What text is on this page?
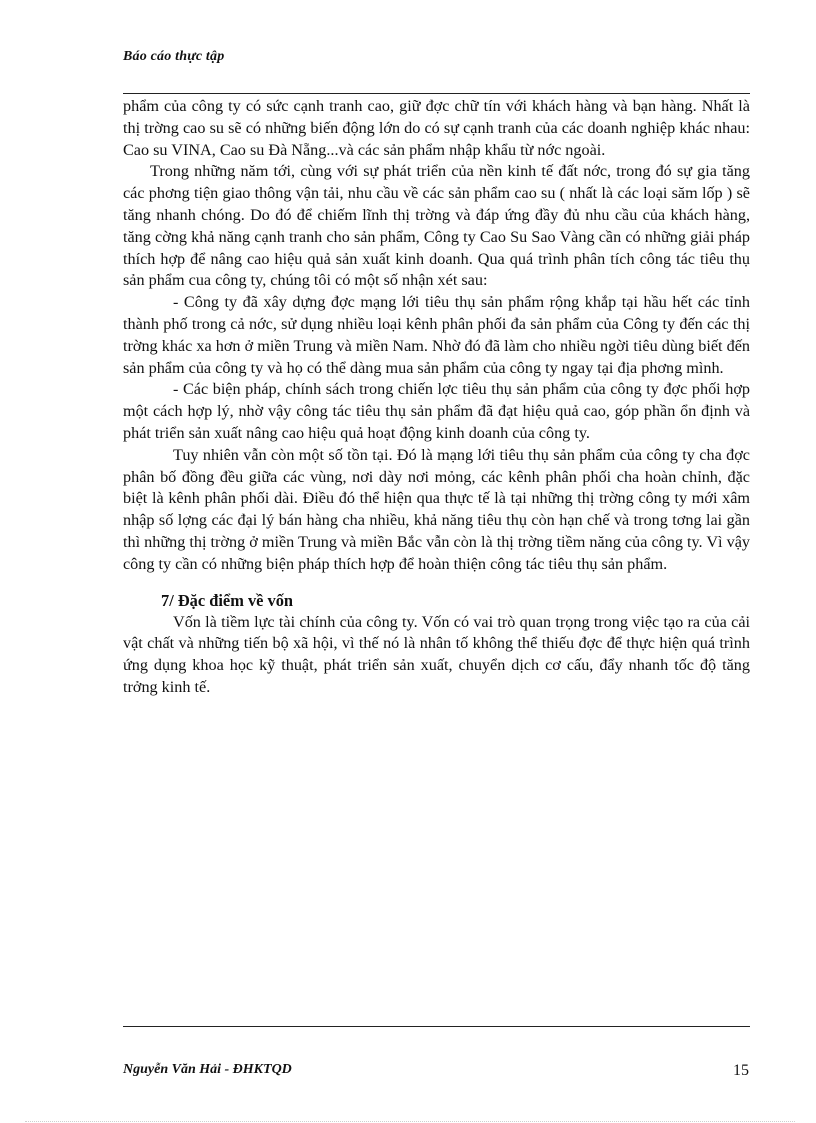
Báo cáo thực tập

phẩm của công ty có sức cạnh tranh cao, giữ đợc chữ tín với khách hàng và bạn hàng. Nhất là thị trờng cao su sẽ có những biến động lớn do có sự cạnh tranh của các doanh nghiệp khác nhau: Cao su VINA, Cao su Đà Nẵng...và các sản phẩm nhập khẩu từ nớc ngoài.

Trong những năm tới, cùng với sự phát triển của nền kinh tế đất nớc, trong đó sự gia tăng các phơng tiện giao thông vận tải, nhu cầu về các sản phẩm cao su ( nhất là các loại săm lốp ) sẽ tăng nhanh chóng. Do đó để chiếm lĩnh thị trờng và đáp ứng đầy đủ nhu cầu của khách hàng, tăng cờng khả năng cạnh tranh cho sản phẩm, Công ty Cao Su Sao Vàng cần có những giải pháp thích hợp để nâng cao hiệu quả sản xuất kinh doanh. Qua quá trình phân tích công tác tiêu thụ sản phẩm cua công ty, chúng tôi có một số nhận xét sau:

- Công ty đã xây dựng đợc mạng lới tiêu thụ sản phẩm rộng khắp tại hầu hết các tỉnh thành phố trong cả nớc, sử dụng nhiều loại kênh phân phối đa sản phẩm của Công ty đến các thị trờng khác xa hơn ở miền Trung và miền Nam. Nhờ đó đã làm cho nhiều ngời tiêu dùng biết đến sản phẩm của công ty và họ có thể dàng mua sản phẩm của công ty ngay tại địa phơng mình.

- Các biện pháp, chính sách trong chiến lợc tiêu thụ sản phẩm của công ty đợc phối hợp một cách hợp lý, nhờ vậy công tác tiêu thụ sản phẩm đã đạt hiệu quả cao, góp phần ổn định và phát triển sản xuất nâng cao hiệu quả hoạt động kinh doanh của công ty.

Tuy nhiên vẫn còn một số tồn tại. Đó là mạng lới tiêu thụ sản phẩm của công ty cha đợc phân bố đồng đều giữa các vùng, nơi dày nơi mỏng, các kênh phân phối cha hoàn chỉnh, đặc biệt là kênh phân phối dài. Điều đó thể hiện qua thực tế là tại những thị trờng công ty mới xâm nhập số lợng các đại lý bán hàng cha nhiều, khả năng tiêu thụ còn hạn chế và trong tơng lai gần thì những thị trờng ở miền Trung và miền Bắc vẫn còn là thị trờng tiềm năng của công ty. Vì vậy công ty cần có những biện pháp thích hợp để hoàn thiện công tác tiêu thụ sản phẩm.

7/ Đặc điểm về vốn

Vốn là tiềm lực tài chính của công ty. Vốn có vai trò quan trọng trong việc tạo ra của cải vật chất và những tiến bộ xã hội, vì thế nó là nhân tố không thể thiếu đợc để thực hiện quá trình ứng dụng khoa học kỹ thuật, phát triển sản xuất, chuyển dịch cơ cấu, đẩy nhanh tốc độ tăng trởng kinh tế.

Nguyễn Văn Hải - ĐHKTQD	15
